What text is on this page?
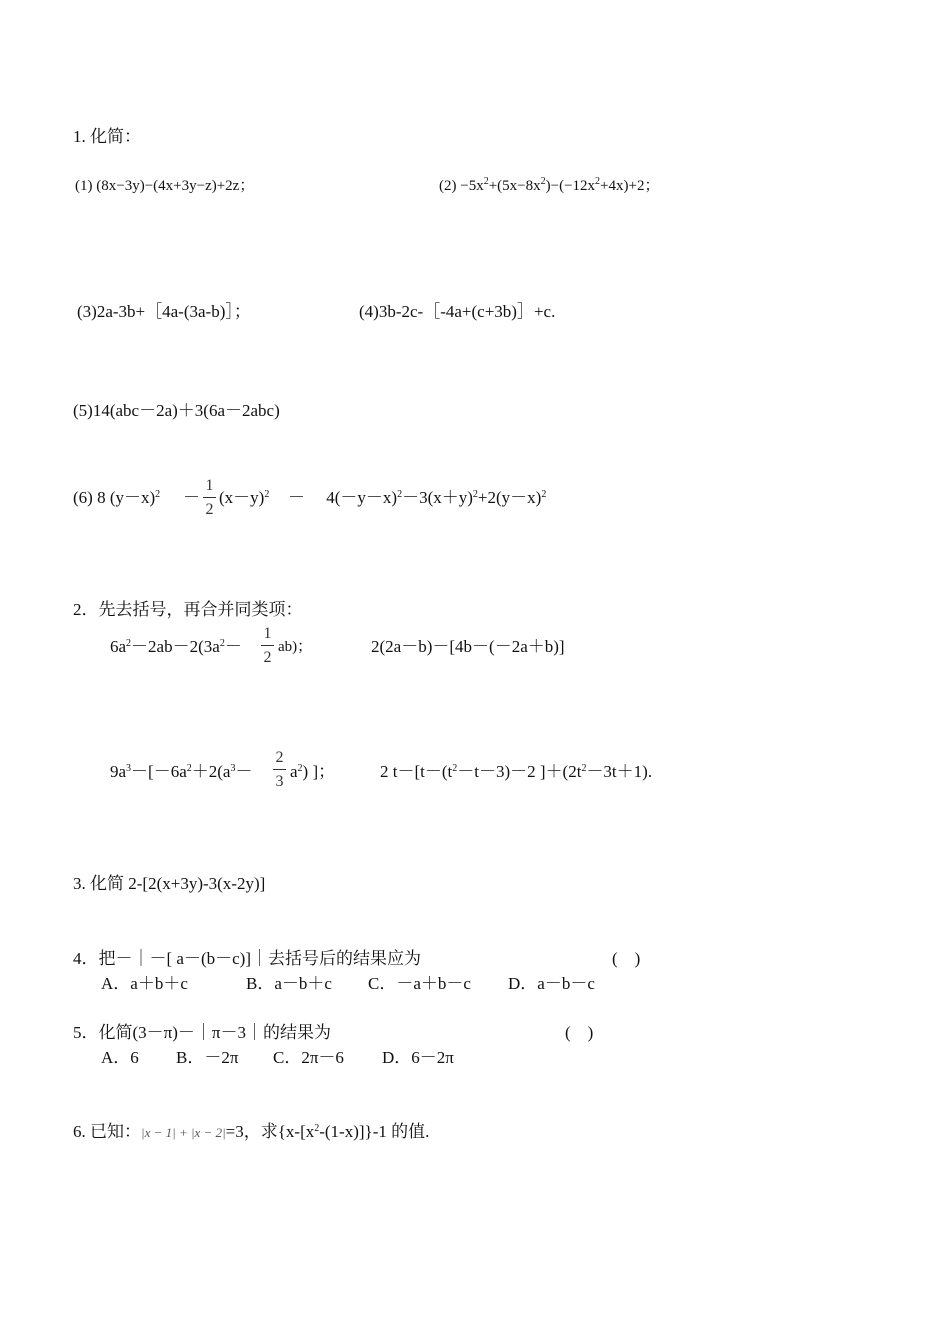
1. 化简：
(1) (8x−3y)−(4x+3y−z)+2z；	$(2) -5x^2+(5x-8x^2)-(-12x^2+4x)+2$；
(3)2a-3b+［4a-(3a-b)］；	(4)3b-2c-［-4a+(c+3b)］+c.
(5)14(abc－2a)＋3(6a－2abc)
(6) 8 $(y-x)^2$ －
1
2
$(x-y)^2$ －　 $4(-y-x)^2-3(x+y)^2+2(y-x)^2$
2．先去括号，再合并同类项：
$6a^2-2ab-2(3a^2-$
1
2
ab)；	2(2a－b)－[4b－(－2a＋b)]
$9a^3-[-6a^2+2(a^3-$
2
3
$a^2$) ]；	2 $t-[t-(t^2-t-3)-2$ ]$+(2t^2-3t+1)$.
3. 化简 2-[2(x+3y)-3(x-2y)]
4．把－｜－[ a－(b－c)]｜去括号后的结果应为	(　)
A．a＋b＋c	B．a－b＋c C．－a＋b－c D．a－b－c
5．化简(3－π)－｜π－3｜的结果为	(　)
A．6 B．－2π C．2π－6 D．6－2π
6. 已知：|x − 1| + |x − 2|=3，求$\{x-[x^2-(1-x)]\}-1$ 的值.
